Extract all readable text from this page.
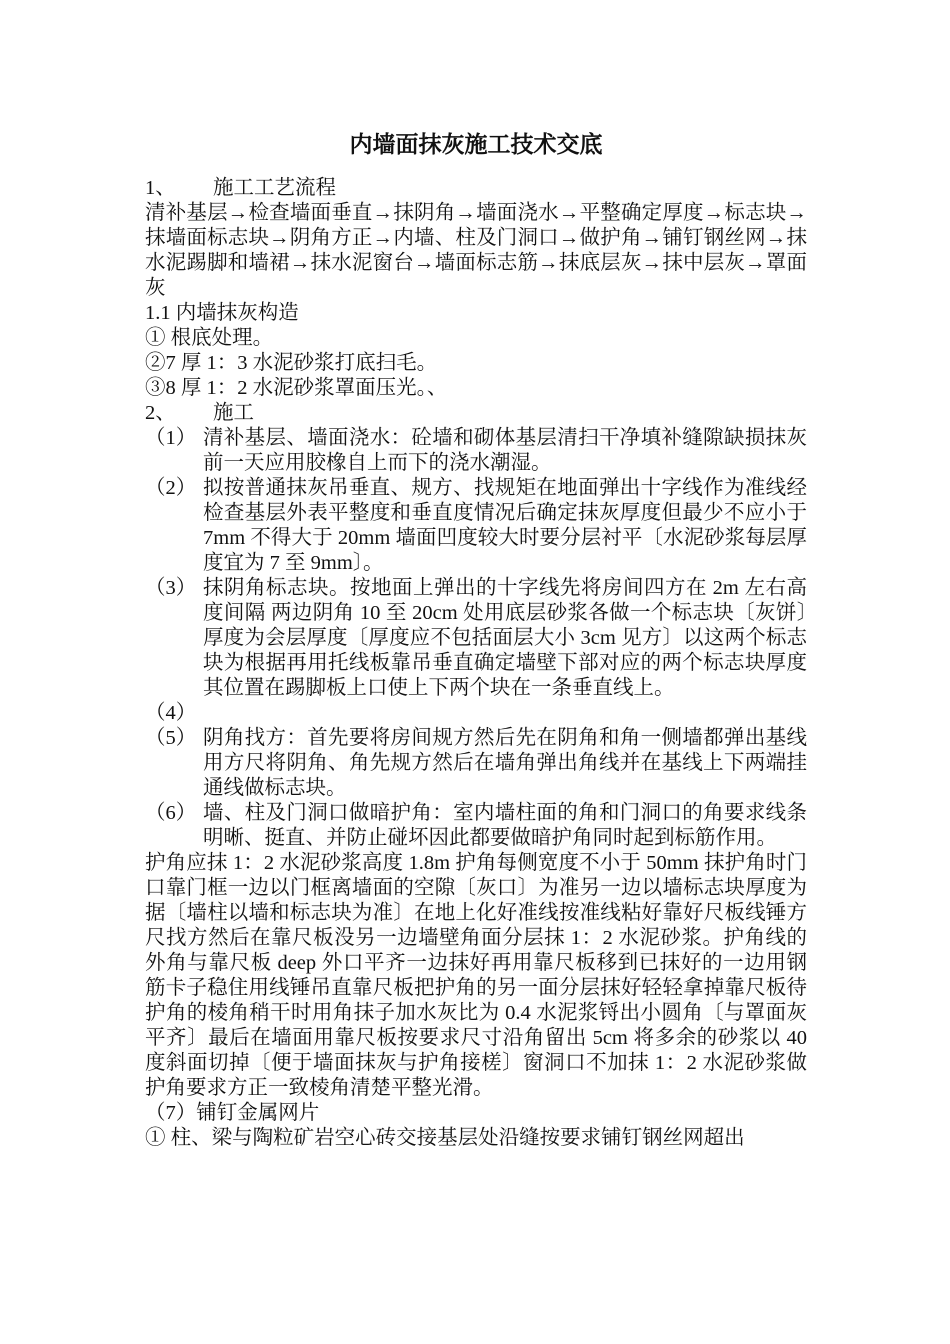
内墙面抹灰施工技术交底
1、 施工工艺流程
清补基层→检查墙面垂直→抹阴角→墙面浇水→平整确定厚度→标志块→抹墙面标志块→阴角方正→内墙、柱及门洞口→做护角→铺钉钢丝网→抹水泥踢脚和墙裙→抹水泥窗台→墙面标志筋→抹底层灰→抹中层灰→罩面灰
1.1 内墙抹灰构造
① 根底处理。
②7 厚 1：3 水泥砂浆打底扫毛。
③8 厚 1：2 水泥砂浆罩面压光。、
2、 施工
（1） 清补基层、墙面浇水：砼墙和砌体基层清扫干净填补缝隙缺损抹灰前一天应用胶橡自上而下的浇水潮湿。
（2） 拟按普通抹灰吊垂直、规方、找规矩在地面弹出十字线作为准线经检查基层外表平整度和垂直度情况后确定抹灰厚度但最少不应小于 7mm 不得大于 20mm 墙面凹度较大时要分层衬平〔水泥砂浆每层厚度宜为 7 至 9mm〕。
（3） 抹阴角标志块。按地面上弹出的十字线先将房间四方在 2m 左右高度间隔 两边阴角 10 至 20cm 处用底层砂浆各做一个标志块〔灰饼〕厚度为会层厚度〔厚度应不包括面层大小 3cm 见方〕以这两个标志块为根据再用托线板靠吊垂直确定墙壁下部对应的两个标志块厚度其位置在踢脚板上口使上下两个块在一条垂直线上。
（4）
（5） 阴角找方：首先要将房间规方然后先在阴角和角一侧墙都弹出基线用方尺将阴角、角先规方然后在墙角弹出角线并在基线上下两端挂通线做标志块。
（6） 墙、柱及门洞口做暗护角：室内墙柱面的角和门洞口的角要求线条明晰、挺直、并防止碰坏因此都要做暗护角同时起到标筋作用。
护角应抹 1：2 水泥砂浆高度 1.8m 护角每侧宽度不小于 50mm 抹护角时门口靠门框一边以门框离墙面的空隙〔灰口〕为准另一边以墙标志块厚度为据〔墙柱以墙和标志块为准〕在地上化好准线按准线粘好靠好尺板线锤方尺找方然后在靠尺板没另一边墙壁角面分层抹 1：2 水泥砂浆。护角线的外角与靠尺板 deep 外口平齐一边抹好再用靠尺板移到已抹好的一边用钢筋卡子稳住用线锤吊直靠尺板把护角的另一面分层抹好轻轻拿掉靠尺板待护角的棱角稍干时用角抹子加水灰比为 0.4 水泥浆锊出小圆角〔与罩面灰平齐〕最后在墙面用靠尺板按要求尺寸沿角留出 5cm 将多余的砂浆以 40 度斜面切掉〔便于墙面抹灰与护角接槎〕窗洞口不加抹 1：2 水泥砂浆做护角要求方正一致棱角清楚平整光滑。
（7）铺钉金属网片
① 柱、梁与陶粒矿岩空心砖交接基层处沿缝按要求铺钉钢丝网超出
